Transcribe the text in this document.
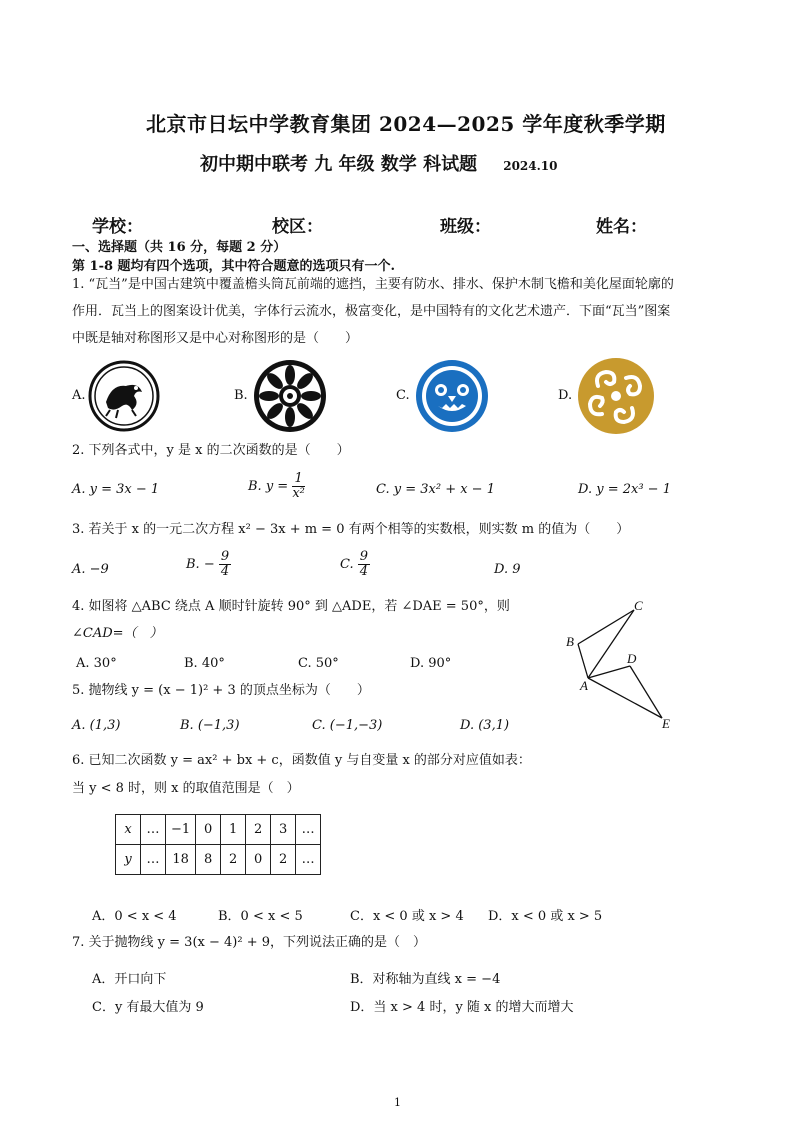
北京市日坛中学教育集团 2024—2025 学年度秋季学期
初中期中联考 九 年级 数学 科试题 2024.10
学校：	校区：	班级：	姓名：
一、选择题（共 16 分，每题 2 分）
第 1-8 题均有四个选项，其中符合题意的选项只有一个.
1. “瓦当”是中国古建筑中覆盖檐头筒瓦前端的遮挡，主要有防水、排水、保护木制飞檐和美化屋面轮廓的
作用．瓦当上的图案设计优美，字体行云流水，极富变化，是中国特有的文化艺术遗产．下面“瓦当”图案
中既是轴对称图形又是中心对称图形的是（　　）
A.	B.	C.	D.
2. 下列各式中，y 是 x 的二次函数的是（　　）
A. y = 3x − 1	B. $y = \frac{1}{\text{x²}}$	C. y = 3x² + x − 1	D. y = 2x³ − 1
3. 若关于 x 的一元二次方程 x² − 3x + m = 0 有两个相等的实数根，则实数 m 的值为（　　）
A. −9	B. − $\frac{9}{4}$	C. $\frac{9}{4}$	D. 9
4. 如图将 △ABC 绕点 A 顺时针旋转 90° 到 △ADE，若 ∠DAE = 50°，则
∠CAD=（　）
A. 30°	B. 40°	C. 50°	D. 90°
C
B
D
A
E
5. 抛物线 y = (x − 1)² + 3 的顶点坐标为（　　）
A. (1,3)	B. (−1,3)	C. (−1,−3)	D. (3,1)
6. 已知二次函数 y = ax² + bx + c，函数值 y 与自变量 x 的部分对应值如表：
当 y < 8 时，则 x 的取值范围是（　）
x	…	−1	0	1	2	3	…
y	…	18	8	2	0	2	…
A．0 < x < 4	B．0 < x < 5	C．x < 0 或 x > 4 D．x < 0 或 x > 5
7. 关于抛物线 y = 3(x − 4)² + 9，下列说法正确的是（　）
A．开口向下	B．对称轴为直线 x = −4
C．y 有最大值为 9	D．当 x > 4 时，y 随 x 的增大而增大
1
